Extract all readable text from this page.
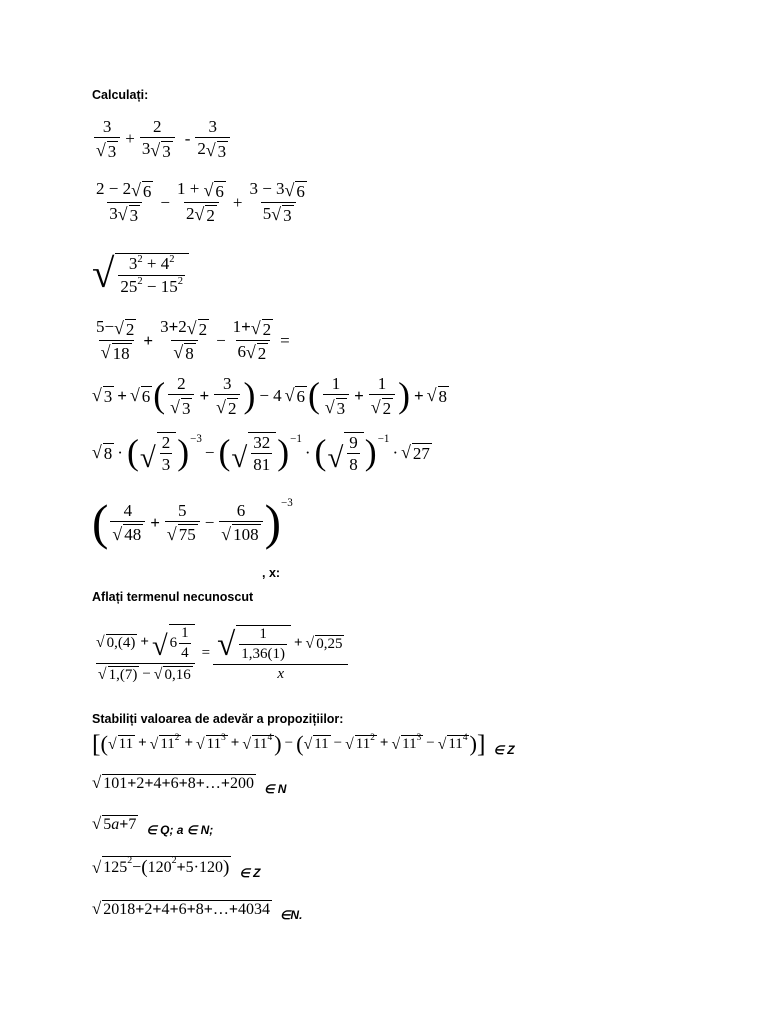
Calculați:
3
√ 3
+ $\frac{2}{3 √ 3}$ -
3
2 √ 3
2 − 2 √ 6
3 √ 3
− $\frac{1 + √ 6}{2 √ 2} + \frac{3 - 3 √ 6}{5 √ 3}$
√ $3^2 + 4^2$
$25^2 - 15^2$
5− √ 2
√ 18
+ $\frac{3+2 √ 2}{√ 8} - \frac{1+ √ 2}{6 √ 2}$ =
√ 3 + √ 6 ( 2
√ 3
+ $\frac{3}{√ 2}$ ) − 4 √ 6 ( 1
√ 3
+ $\frac{1}{√ 2}$ ) + √ 8
√ 8 · ( √ 2
3 ) −3
− ( √ 32
81 ) −1
· ( √ 9
8 ) −1
· √ 27
( 4
√ 48
+ $\frac{5}{√ 75} - \frac{6}{√ 108}$ ) −3
, x:
Aflați termenul necunoscut
√ 0,(4) + √ 6
1
4
√ 1,(7) − √ 0,16 = √ 1
1,36(1)
+ √ 0,25
x
Stabiliți valoarea de adevăr a propozițiilor:
[ ( √ 11 + √ 11 2 + √ 11 3 + √ 11 4 ) − ( √ 11 − √ 11 2 + √ 11 3 − √ 11 4 ) ] ∈ Z
√ 101 + 2 + 4 + 6 + 8 + … + 200 ∈ N
√ 5 a + 7 ∈ Q; a ∈ N;
√ 125 2 − ( 120 2 + 5·120 ) ∈ Z
√ 2018 + 2 + 4 + 6 + 8 + … + 4034 ∈N.
